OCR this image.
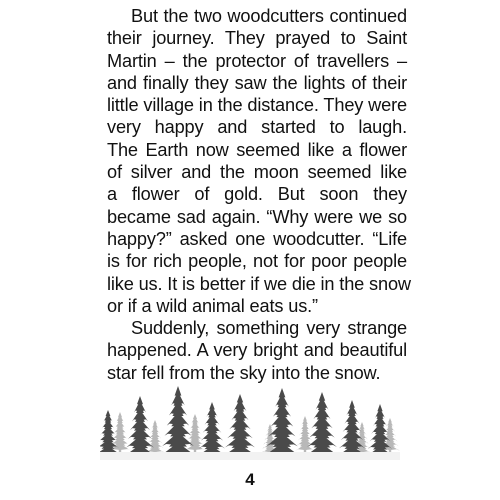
But the two woodcutters continued
their journey. They prayed to Saint
Martin – the protector of travellers –
and finally they saw the lights of their
little village in the distance. They were
very happy and started to laugh.
The Earth now seemed like a flower
of silver and the moon seemed like
a flower of gold. But soon they
became sad again. “Why were we so
happy?” asked one woodcutter. “Life
is for rich people, not for poor people
like us. It is better if we die in the snow
or if a wild animal eats us.”
Suddenly, something very strange
happened. A very bright and beautiful
star fell from the sky into the snow.
4
